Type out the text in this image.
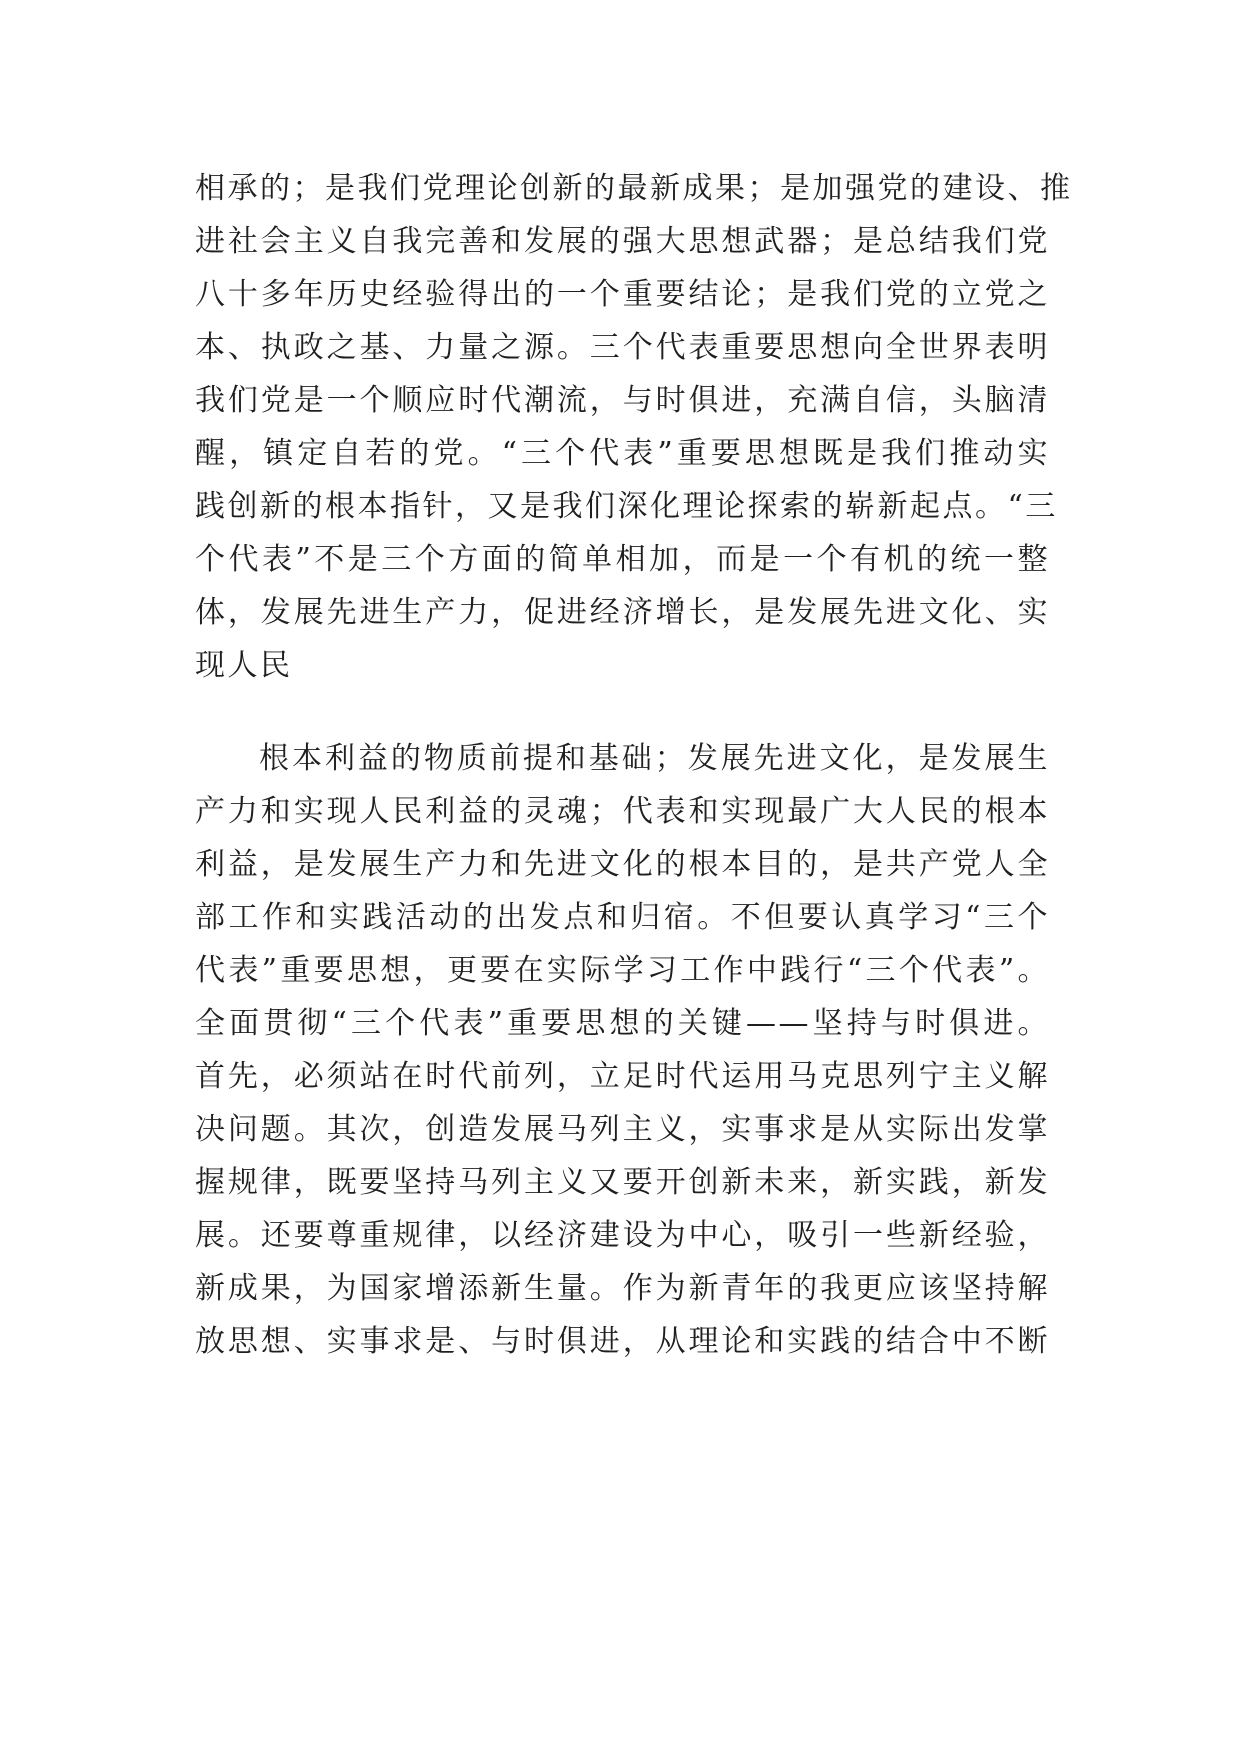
相承的；是我们党理论创新的最新成果；是加强党的建设、推
进社会主义自我完善和发展的强大思想武器；是总结我们党
八十多年历史经验得出的一个重要结论；是我们党的立党之
本、执政之基、力量之源。三个代表重要思想向全世界表明
我们党是一个顺应时代潮流，与时俱进，充满自信，头脑清
醒，镇定自若的党。“三个代表”重要思想既是我们推动实
践创新的根本指针，又是我们深化理论探索的崭新起点。“三
个代表”不是三个方面的简单相加，而是一个有机的统一整
体，发展先进生产力，促进经济增长，是发展先进文化、实
现人民
根本利益的物质前提和基础；发展先进文化，是发展生
产力和实现人民利益的灵魂；代表和实现最广大人民的根本
利益，是发展生产力和先进文化的根本目的，是共产党人全
部工作和实践活动的出发点和归宿。不但要认真学习“三个
代表”重要思想，更要在实际学习工作中践行“三个代表”。
全面贯彻“三个代表”重要思想的关键——坚持与时俱进。
首先，必须站在时代前列，立足时代运用马克思列宁主义解
决问题。其次，创造发展马列主义，实事求是从实际出发掌
握规律，既要坚持马列主义又要开创新未来，新实践，新发
展。还要尊重规律，以经济建设为中心，吸引一些新经验，
新成果，为国家增添新生量。作为新青年的我更应该坚持解
放思想、实事求是、与时俱进，从理论和实践的结合中不断
